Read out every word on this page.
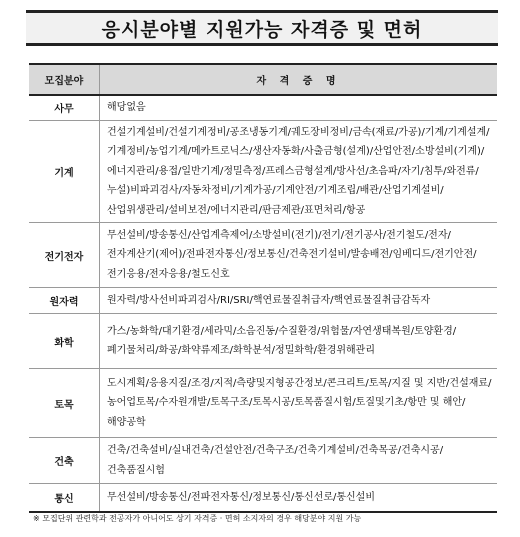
응시분야별 지원가능 자격증 및 면허
모집분야	자 격 증 명
사무	해당없음
기계	건설기계설비/건설기계정비/공조냉동기계/궤도장비정비/금속(재료/가공)/기계/기계설계/기계정비/농업기계/메카트로닉스/생산자동화/사출금형(설계)/산업안전/소방설비(기계)/에너지관리/용접/일반기계/정밀측정/프레스금형설계/방사선/초음파/자기/침투/와전류/누설)비파괴검사/자동차정비/기계가공/기계안전/기계조립/배관/산업기계설비/산업위생관리/설비보전/에너지관리/판금제관/표면처리/항공
전기전자	무선설비/방송통신/산업계측제어/소방설비(전기)/전기/전기공사/전기철도/전자/전자계산기(제어)/전파전자통신/정보통신/건축전기설비/발송배전/임베디드/전기안전/전기응용/전자응용/철도신호
원자력	원자력/방사선비파괴검사/RI/SRI/핵연료물질취급자/핵연료물질취급감독자
화학	가스/농화학/대기환경/세라믹/소음진동/수질환경/위험물/자연생태복원/토양환경/폐기물처리/화공/화약류제조/화학분석/정밀화학/환경위해관리
토목	도시계획/응용지질/조경/지적/측량및지형공간정보/콘크리트/토목/지질 및 지반/건설재료/농어업토목/수자원개발/토목구조/토목시공/토목품질시험/토질및기초/항만 및 해안/해양공학
건축	건축/건축설비/실내건축/건설안전/건축구조/건축기계설비/건축목공/건축시공/건축품질시험
통신	무선설비/방송통신/전파전자통신/정보통신/통신선로/통신설비
※ 모집단위 관련학과 전공자가 아니어도 상기 자격증 · 면허 소지자의 경우 해당분야 지원 가능
